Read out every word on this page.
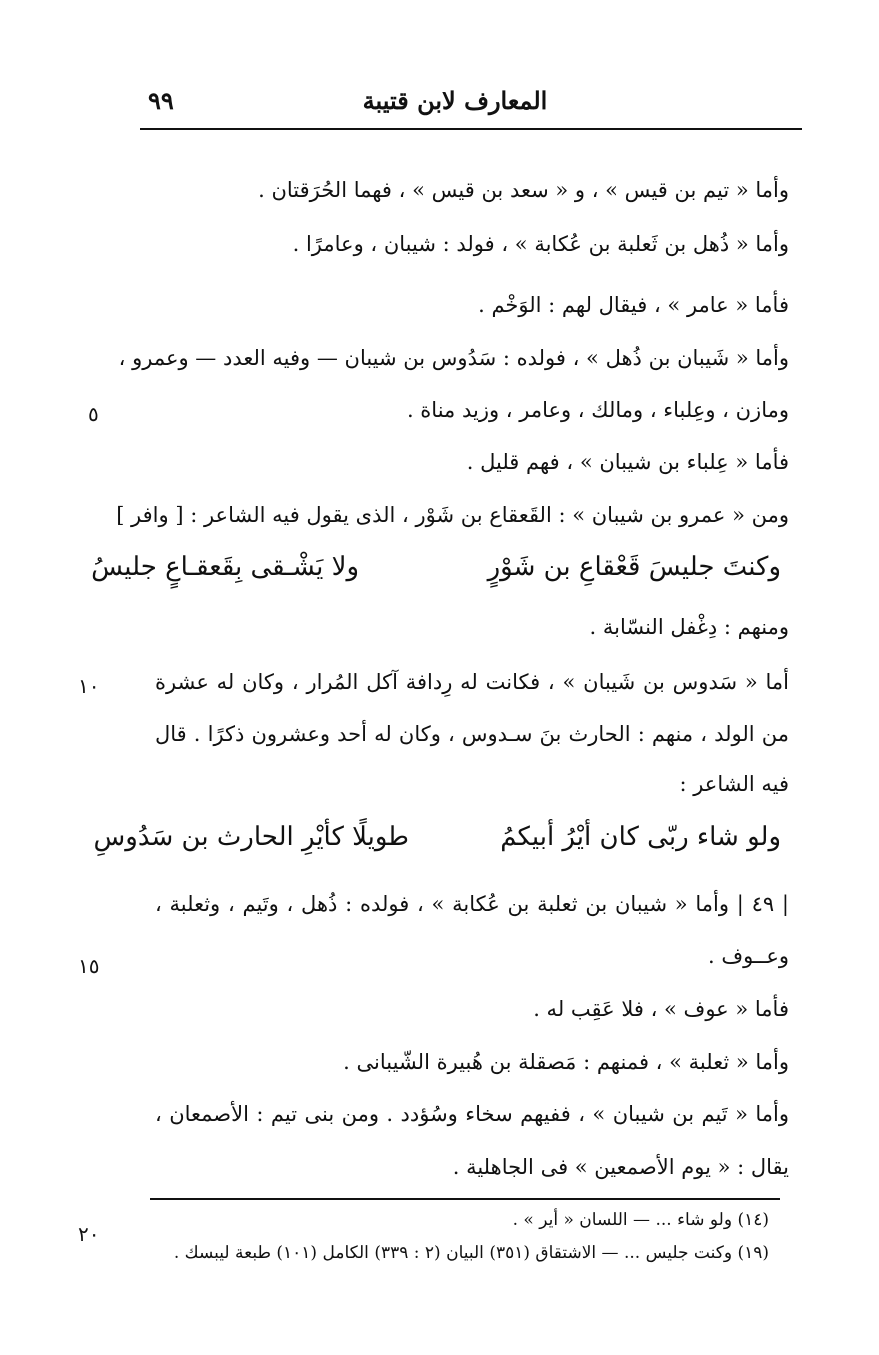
المعارف لابن قتيبة
٩٩
وأما « تيم بن قيس » ، و « سعد بن قيس » ، فهما الحُرَقتان .
وأما « ذُهل بن ثَعلبة بن عُكابة » ، فولد : شيبان ، وعامرًا .
فأما « عامر » ، فيقال لهم : الوَخْم .
وأما « شَيبان بن ذُهل » ، فولده : سَدُوس بن شيبان — وفيه العدد — وعمرو ،
ومازن ، وعِلباء ، ومالك ، وعامر ، وزيد مناة .
فأما « عِلباء بن شيبان » ، فهم قليل .
ومن « عمرو بن شيبان » : القَعقاع بن شَوْر ، الذى يقول فيه الشاعر : [ وافر ]
وكنتَ جليسَ قَعْقاعِ بن شَوْرٍ
ولا يَشْـقى بِقَعقـاعٍ جليسُ
ومنهم : دِغْفل النسّابة .
أما « سَدوس بن شَيبان » ، فكانت له رِدافة آكل المُرار ، وكان له عشرة
من الولد ، منهم : الحارث بنَ سـدوس ، وكان له أحد وعشرون ذكرًا . قال
فيه الشاعر :
ولو شاء ربّى كان أيْرُ أبيكمُ
طويلًا كأيْرِ الحارث بن سَدُوسِ
| ٤٩ | وأما « شيبان بن ثعلبة بن عُكابة » ، فولده : ذُهل ، وتَيم ، وثعلبة ،
وعــوف .
فأما « عوف » ، فلا عَقِب له .
وأما « ثعلبة » ، فمنهم : مَصقلة بن هُبيرة الشّيبانى .
وأما « تَيم بن شيبان » ، ففيهم سخاء وسُؤدد . ومن بنى تيم : الأصمعان ،
يقال : « يوم الأصمعين » فى الجاهلية .
٥
١٠
١٥
٢٠
(١٤) ولو شاء ... — اللسان « أير » .
(١٩) وكنت جليس ... — الاشتقاق (٣٥١) البيان (٢ : ٣٣٩) الكامل (١٠١) طبعة ليبسك .
